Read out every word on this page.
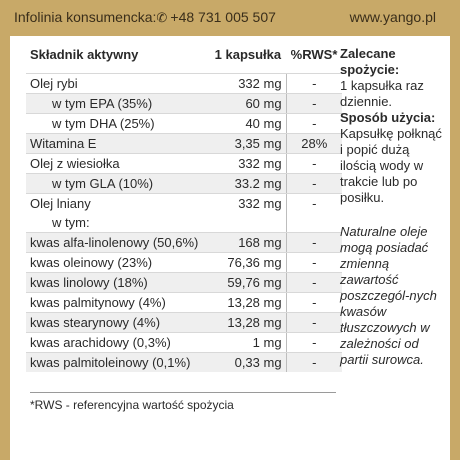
Infolinia konsumencka:✆ +48 731 005 507	www.yango.pl
Składnik aktywny	1 kapsułka	%RWS*
Olej rybi	332 mg	-
w tym EPA (35%)	60 mg	-
w tym DHA (25%)	40 mg	-
Witamina E	3,35 mg	28%
Olej z wiesiołka	332 mg	-
w tym GLA (10%)	33.2 mg	-
Olej lniany	332 mg	-
w tym:		
kwas alfa-linolenowy (50,6%)	168 mg	-
kwas oleinowy (23%)	76,36 mg	-
kwas linolowy (18%)	59,76 mg	-
kwas palmitynowy (4%)	13,28 mg	-
kwas stearynowy (4%)	13,28 mg	-
kwas arachidowy (0,3%)	1 mg	-
kwas palmitoleinowy (0,1%)	0,33 mg	-
*RWS - referencyjna wartość spożycia
Zalecane spożycie:
1 kapsułka raz dziennie.
Sposób użycia:
Kapsułkę połknąć i popić dużą ilością wody w trakcie lub po posiłku.
Naturalne oleje mogą posiadać zmienną zawartość poszczegól-nych kwasów tłuszczowych w zależności od partii surowca.
